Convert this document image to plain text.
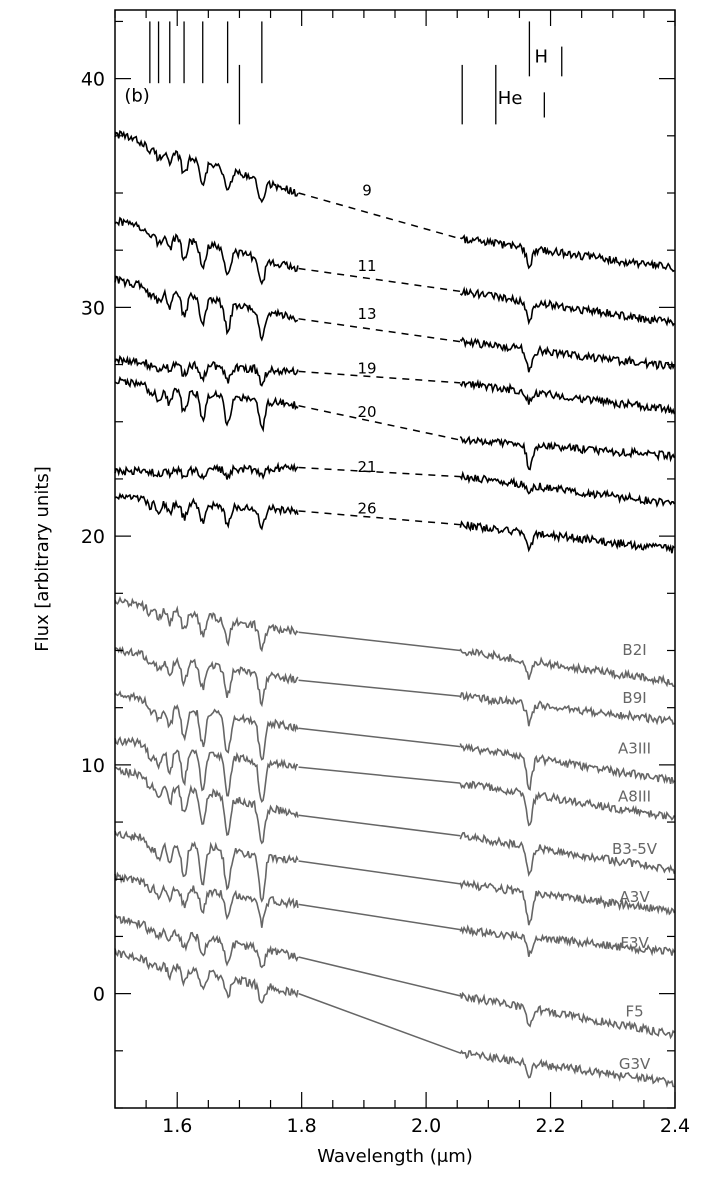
9
11
13
19
20
21
26
B2I
B9I
A3III
A8III
B3-5V
A3V
F3V
F5
G3V
He
H
1.6	1.8	2.0	2.2	2.4
0
10
20
30
40
(b)
Wavelength (μm)
Flux [arbitrary units]
